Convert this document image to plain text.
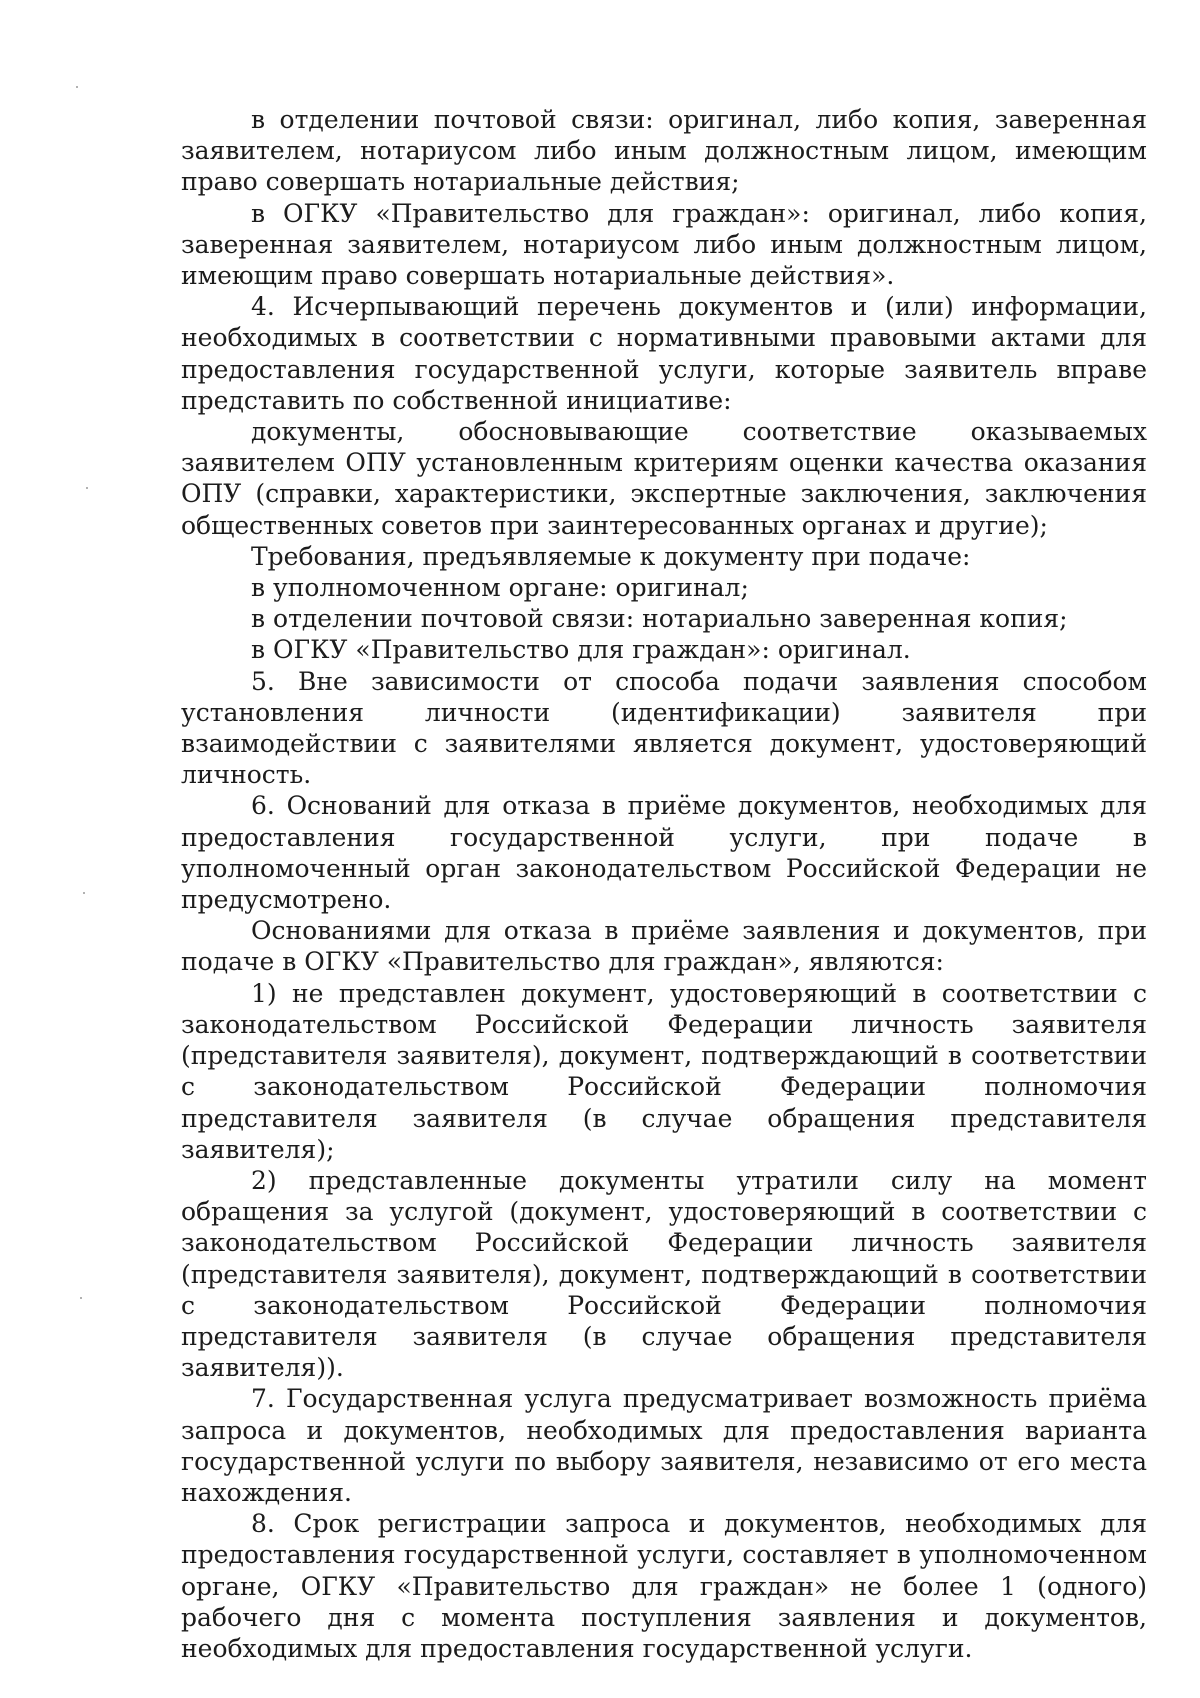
в отделении почтовой связи: оригинал, либо копия, заверенная заявителем, нотариусом либо иным должностным лицом, имеющим право совершать нотариальные действия;

в ОГКУ «Правительство для граждан»: оригинал, либо копия, заверенная заявителем, нотариусом либо иным должностным лицом, имеющим право совершать нотариальные действия».

4. Исчерпывающий перечень документов и (или) информации, необходимых в соответствии с нормативными правовыми актами для предоставления государственной услуги, которые заявитель вправе представить по собственной инициативе:

документы, обосновывающие соответствие оказываемых заявителем ОПУ установленным критериям оценки качества оказания ОПУ (справки, характеристики, экспертные заключения, заключения общественных советов при заинтересованных органах и другие);

Требования, предъявляемые к документу при подаче:

в уполномоченном органе: оригинал;

в отделении почтовой связи: нотариально заверенная копия;

в ОГКУ «Правительство для граждан»: оригинал.

5. Вне зависимости от способа подачи заявления способом установления личности (идентификации) заявителя при взаимодействии с заявителями является документ, удостоверяющий личность.

6. Оснований для отказа в приёме документов, необходимых для предоставления государственной услуги, при подаче в уполномоченный орган законодательством Российской Федерации не предусмотрено.

Основаниями для отказа в приёме заявления и документов, при подаче в ОГКУ «Правительство для граждан», являются:

1) не представлен документ, удостоверяющий в соответствии с законодательством Российской Федерации личность заявителя (представителя заявителя), документ, подтверждающий в соответствии с законодательством Российской Федерации полномочия представителя заявителя (в случае обращения представителя заявителя);

2) представленные документы утратили силу на момент обращения за услугой (документ, удостоверяющий в соответствии с законодательством Российской Федерации личность заявителя (представителя заявителя), документ, подтверждающий в соответствии с законодательством Российской Федерации полномочия представителя заявителя (в случае обращения представителя заявителя)).

7. Государственная услуга предусматривает возможность приёма запроса и документов, необходимых для предоставления варианта государственной услуги по выбору заявителя, независимо от его места нахождения.

8. Срок регистрации запроса и документов, необходимых для предоставления государственной услуги, составляет в уполномоченном органе, ОГКУ «Правительство для граждан» не более 1 (одного) рабочего дня с момента поступления заявления и документов, необходимых для предоставления государственной услуги.
